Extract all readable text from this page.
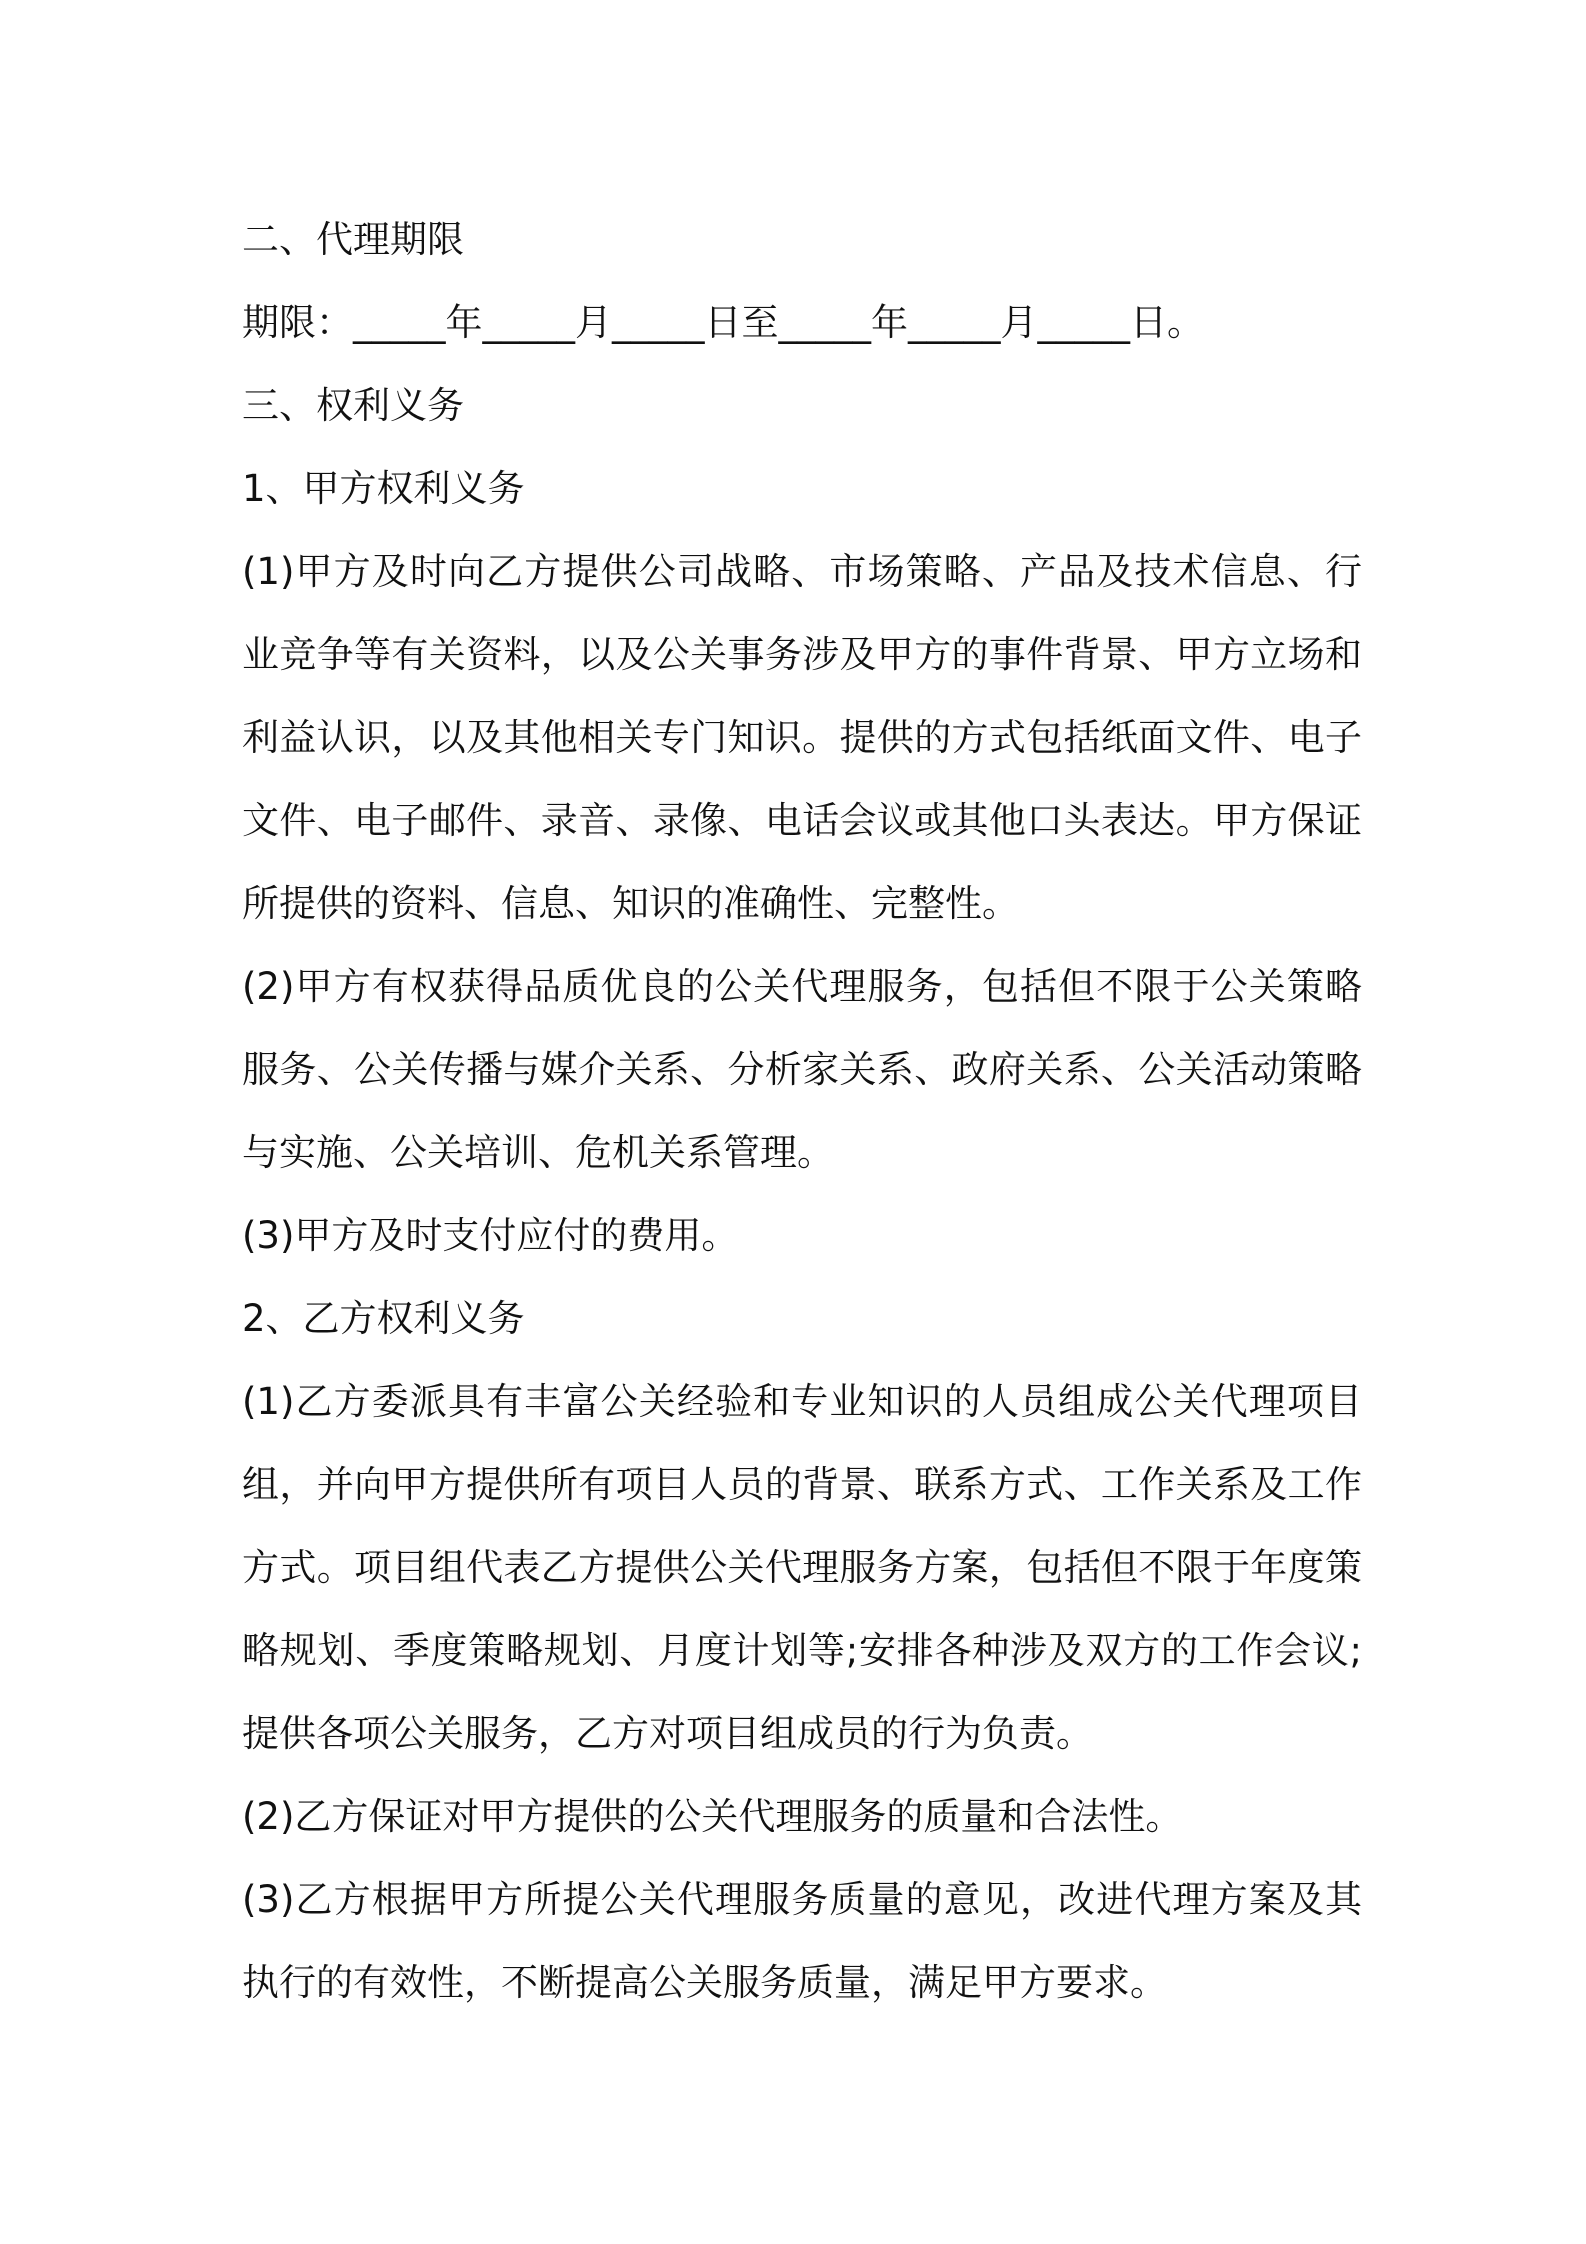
二、代理期限

期限：_____年_____月_____日至_____年_____月_____日。

三、权利义务

1、甲方权利义务

(1)甲方及时向乙方提供公司战略、市场策略、产品及技术信息、行业竞争等有关资料，以及公关事务涉及甲方的事件背景、甲方立场和利益认识，以及其他相关专门知识。提供的方式包括纸面文件、电子文件、电子邮件、录音、录像、电话会议或其他口头表达。甲方保证所提供的资料、信息、知识的准确性、完整性。

(2)甲方有权获得品质优良的公关代理服务，包括但不限于公关策略服务、公关传播与媒介关系、分析家关系、政府关系、公关活动策略与实施、公关培训、危机关系管理。

(3)甲方及时支付应付的费用。

2、乙方权利义务

(1)乙方委派具有丰富公关经验和专业知识的人员组成公关代理项目组，并向甲方提供所有项目人员的背景、联系方式、工作关系及工作方式。项目组代表乙方提供公关代理服务方案，包括但不限于年度策略规划、季度策略规划、月度计划等;安排各种涉及双方的工作会议;提供各项公关服务，乙方对项目组成员的行为负责。

(2)乙方保证对甲方提供的公关代理服务的质量和合法性。

(3)乙方根据甲方所提公关代理服务质量的意见，改进代理方案及其执行的有效性，不断提高公关服务质量，满足甲方要求。
